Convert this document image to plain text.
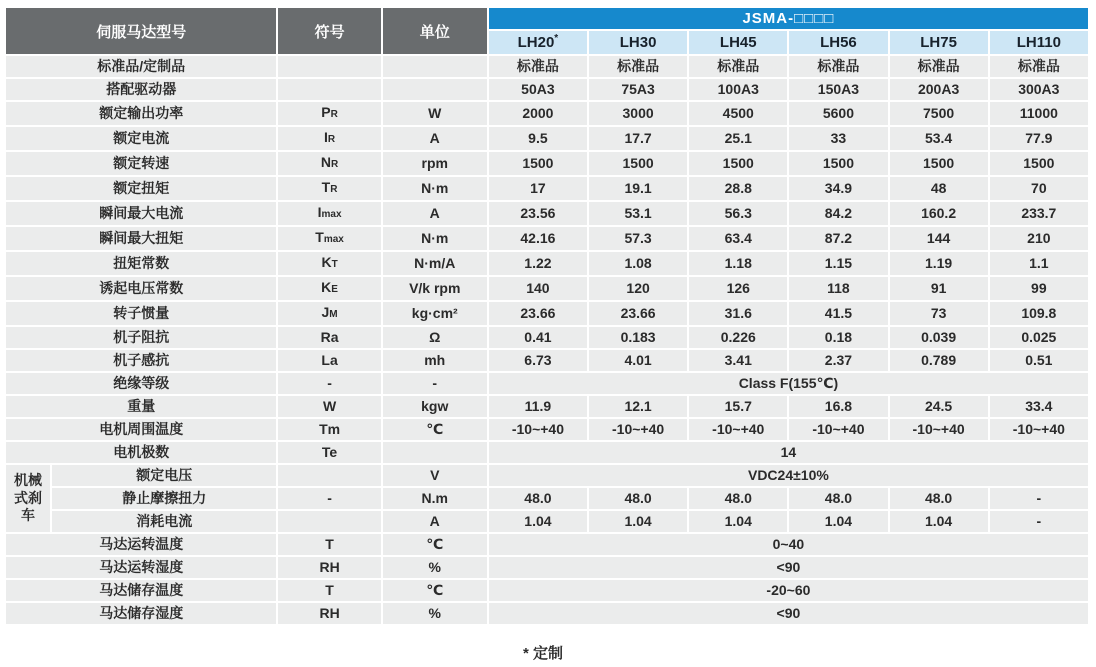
伺服马达型号		符号	单位	JSMA-□□□□					
				LH20*	LH30	LH45	LH56	LH75	LH110
标准品/定制品				标准品	标准品	标准品	标准品	标准品	标准品
搭配驱动器				50A3	75A3	100A3	150A3	200A3	300A3
额定输出功率		PR	W	2000	3000	4500	5600	7500	11000
额定电流		IR	A	9.5	17.7	25.1	33	53.4	77.9
额定转速		NR	rpm	1500	1500	1500	1500	1500	1500
额定扭矩		TR	N·m	17	19.1	28.8	34.9	48	70
瞬间最大电流		Imax	A	23.56	53.1	56.3	84.2	160.2	233.7
瞬间最大扭矩		Tmax	N·m	42.16	57.3	63.4	87.2	144	210
扭矩常数		KT	N·m/A	1.22	1.08	1.18	1.15	1.19	1.1
诱起电压常数		KE	V/k rpm	140	120	126	118	91	99
转子惯量		JM	kg·cm²	23.66	23.66	31.6	41.5	73	109.8
机子阻抗		Ra	Ω	0.41	0.183	0.226	0.18	0.039	0.025
机子感抗		La	mh	6.73	4.01	3.41	2.37	0.789	0.51
绝缘等级		-	-	Class F(155℃)					
重量		W	kgw	11.9	12.1	15.7	16.8	24.5	33.4
电机周围温度		Tm	℃	-10~+40	-10~+40	-10~+40	-10~+40	-10~+40	-10~+40
电机极数		Te		14					
机械式刹车	额定电压		V	VDC24±10%					
	静止摩擦扭力	-	N.m	48.0	48.0	48.0	48.0	48.0	-
	消耗电流		A	1.04	1.04	1.04	1.04	1.04	-
马达运转温度		T	℃	0~40					
马达运转湿度		RH	%	<90					
马达储存温度		T	℃	-20~60					
马达储存湿度		RH	%	<90					
* 定制
